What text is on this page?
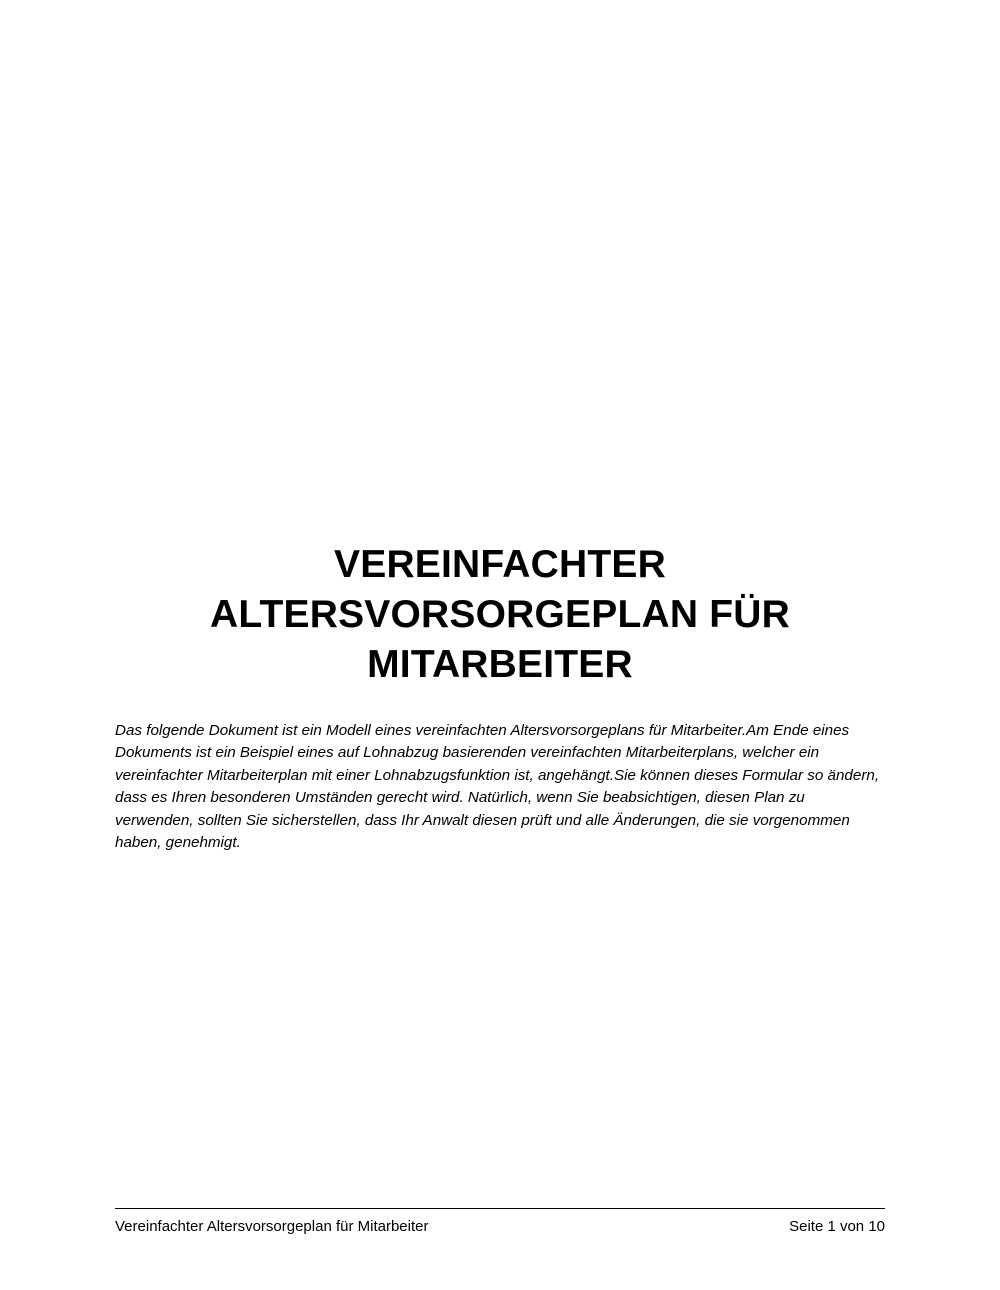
VEREINFACHTER ALTERSVORSORGEPLAN FÜR MITARBEITER

Das folgende Dokument ist ein Modell eines vereinfachten Altersvorsorgeplans für Mitarbeiter.Am Ende eines Dokuments ist ein Beispiel eines auf Lohnabzug basierenden vereinfachten Mitarbeiterplans, welcher ein vereinfachter Mitarbeiterplan mit einer Lohnabzugsfunktion ist, angehängt.Sie können dieses Formular so ändern, dass es Ihren besonderen Umständen gerecht wird. Natürlich, wenn Sie beabsichtigen, diesen Plan zu verwenden, sollten Sie sicherstellen, dass Ihr Anwalt diesen prüft und alle Änderungen, die sie vorgenommen haben, genehmigt.

Vereinfachter Altersvorsorgeplan für Mitarbeiter	Seite 1 von 10
